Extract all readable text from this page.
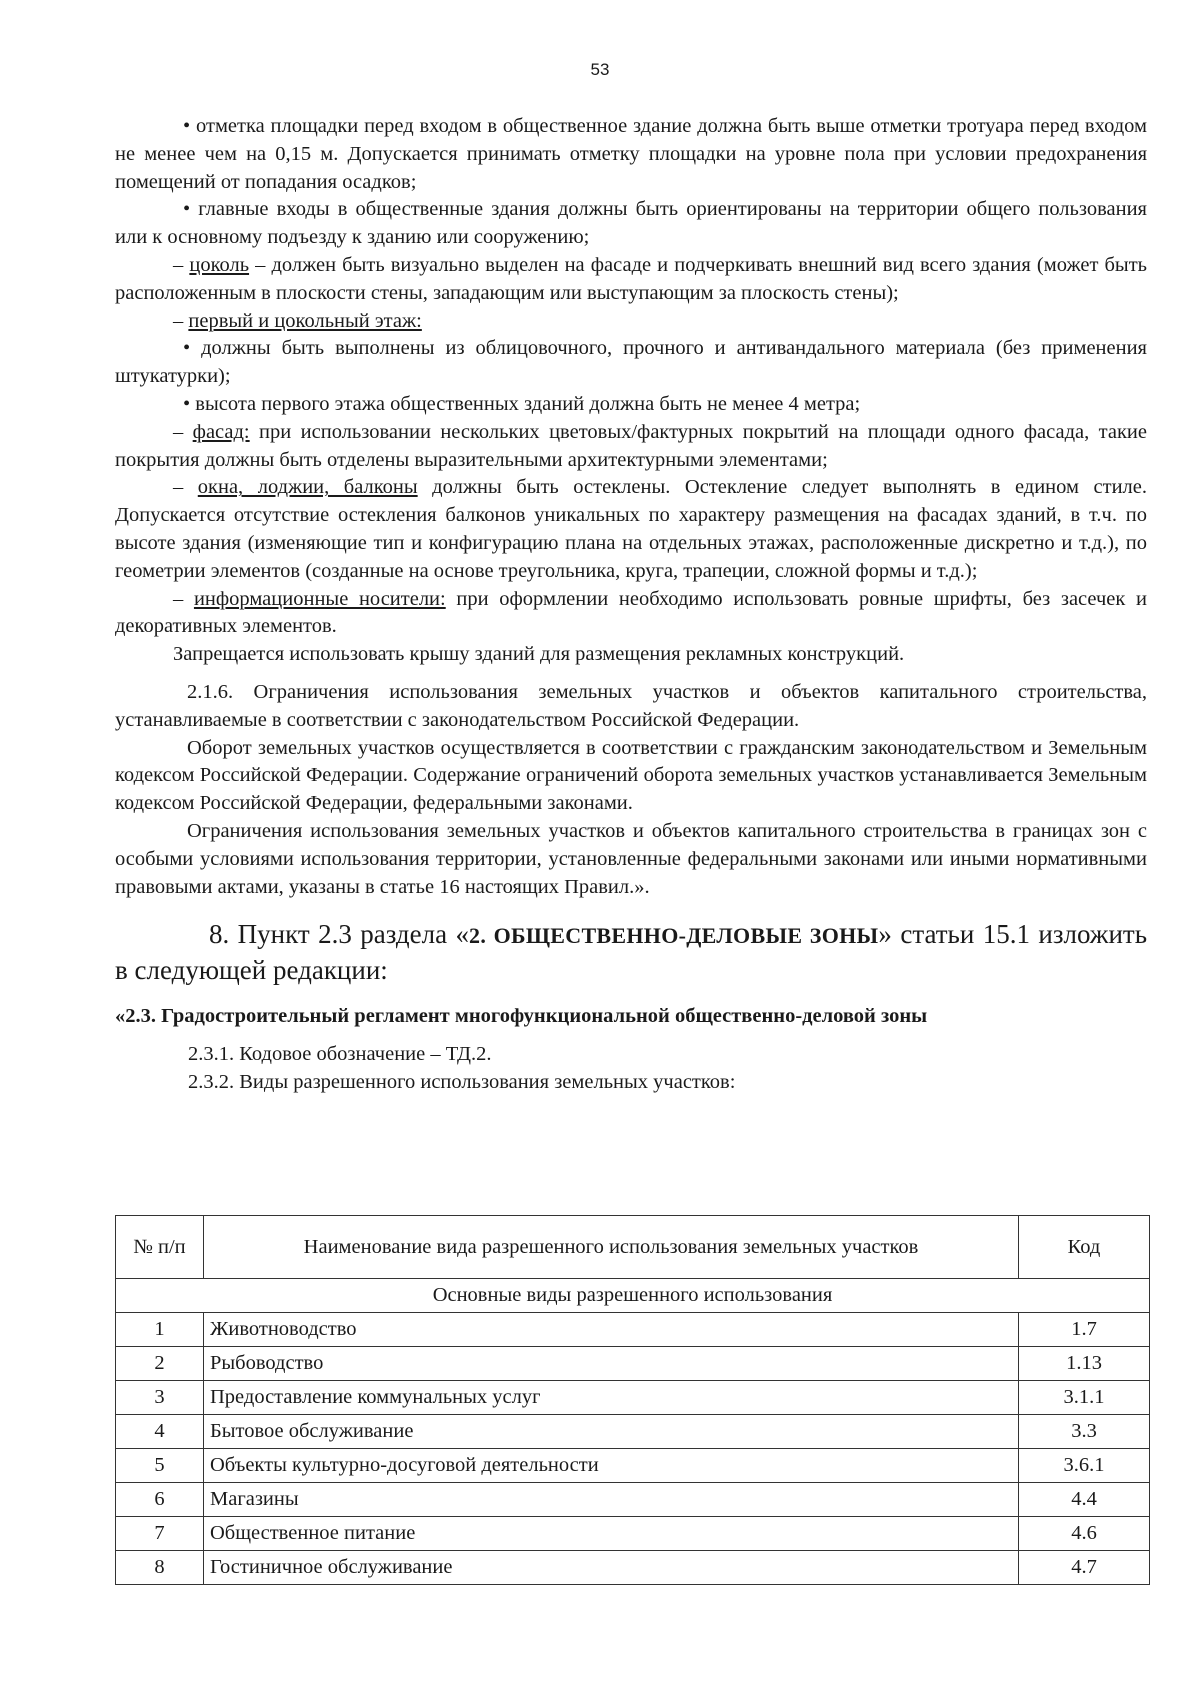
53

• отметка площадки перед входом в общественное здание должна быть выше отметки тротуара перед входом не менее чем на 0,15 м. Допускается принимать отметку площадки на уровне пола при условии предохранения помещений от попадания осадков;

• главные входы в общественные здания должны быть ориентированы на территории общего пользования или к основному подъезду к зданию или сооружению;

– цоколь – должен быть визуально выделен на фасаде и подчеркивать внешний вид всего здания (может быть расположенным в плоскости стены, западающим или выступающим за плоскость стены);

– первый и цокольный этаж:

• должны быть выполнены из облицовочного, прочного и антивандального материала (без применения штукатурки);

• высота первого этажа общественных зданий должна быть не менее 4 метра;

– фасад: при использовании нескольких цветовых/фактурных покрытий на площади одного фасада, такие покрытия должны быть отделены выразительными архитектурными элементами;

– окна, лоджии, балконы должны быть остеклены. Остекление следует выполнять в едином стиле. Допускается отсутствие остекления балконов уникальных по характеру размещения на фасадах зданий, в т.ч. по высоте здания (изменяющие тип и конфигурацию плана на отдельных этажах, расположенные дискретно и т.д.), по геометрии элементов (созданные на основе треугольника, круга, трапеции, сложной формы и т.д.);

– информационные носители: при оформлении необходимо использовать ровные шрифты, без засечек и декоративных элементов.

Запрещается использовать крышу зданий для размещения рекламных конструкций.

2.1.6. Ограничения использования земельных участков и объектов капитального строительства, устанавливаемые в соответствии с законодательством Российской Федерации.

Оборот земельных участков осуществляется в соответствии с гражданским законодательством и Земельным кодексом Российской Федерации. Содержание ограничений оборота земельных участков устанавливается Земельным кодексом Российской Федерации, федеральными законами.

Ограничения использования земельных участков и объектов капитального строительства в границах зон с особыми условиями использования территории, установленные федеральными законами или иными нормативными правовыми актами, указаны в статье 16 настоящих Правил.».

8. Пункт 2.3 раздела «2. ОБЩЕСТВЕННО-ДЕЛОВЫЕ ЗОНЫ» статьи 15.1 изложить в следующей редакции:

«2.3. Градостроительный регламент многофункциональной общественно-деловой зоны

2.3.1. Кодовое обозначение – ТД.2.

2.3.2. Виды разрешенного использования земельных участков:

№ п/п	Наименование вида разрешенного использования земельных участков	Код
Основные виды разрешенного использования		
1	Животноводство	1.7
2	Рыбоводство	1.13
3	Предоставление коммунальных услуг	3.1.1
4	Бытовое обслуживание	3.3
5	Объекты культурно-досуговой деятельности	3.6.1
6	Магазины	4.4
7	Общественное питание	4.6
8	Гостиничное обслуживание	4.7
